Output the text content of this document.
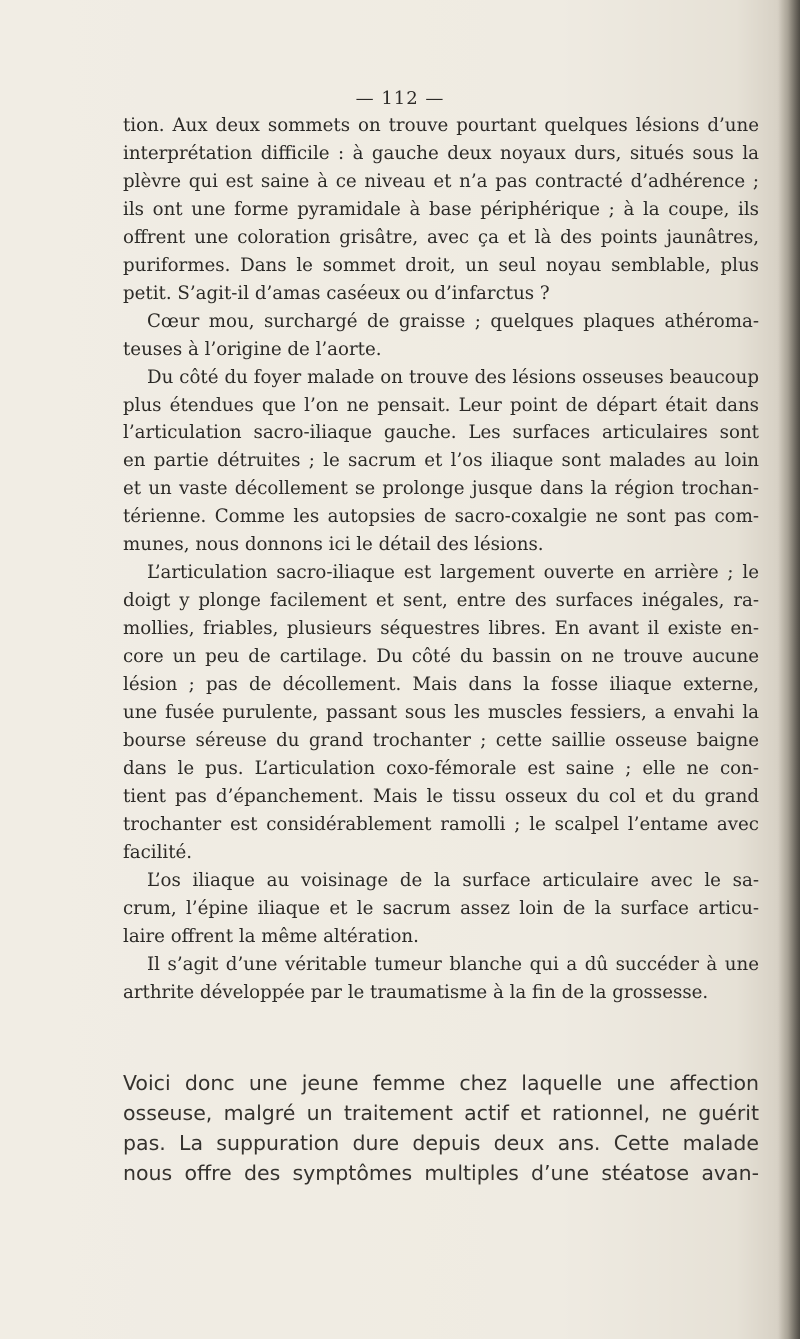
— 112 —
tion. Aux deux sommets on trouve pourtant quelques lésions d’une
interprétation difficile : à gauche deux noyaux durs, situés sous la
plèvre qui est saine à ce niveau et n’a pas contracté d’adhérence ;
ils ont une forme pyramidale à base périphérique ; à la coupe, ils
offrent une coloration grisâtre, avec ça et là des points jaunâtres,
puriformes. Dans le sommet droit, un seul noyau semblable, plus
petit. S’agit-il d’amas caséeux ou d’infarctus ?
Cœur mou, surchargé de graisse ; quelques plaques athéroma-
teuses à l’origine de l’aorte.
Du côté du foyer malade on trouve des lésions osseuses beaucoup
plus étendues que l’on ne pensait. Leur point de départ était dans
l’articulation sacro-iliaque gauche. Les surfaces articulaires sont
en partie détruites ; le sacrum et l’os iliaque sont malades au loin
et un vaste décollement se prolonge jusque dans la région trochan-
térienne. Comme les autopsies de sacro-coxalgie ne sont pas com-
munes, nous donnons ici le détail des lésions.
L’articulation sacro-iliaque est largement ouverte en arrière ; le
doigt y plonge facilement et sent, entre des surfaces inégales, ra-
mollies, friables, plusieurs séquestres libres. En avant il existe en-
core un peu de cartilage. Du côté du bassin on ne trouve aucune
lésion ; pas de décollement. Mais dans la fosse iliaque externe,
une fusée purulente, passant sous les muscles fessiers, a envahi la
bourse séreuse du grand trochanter ; cette saillie osseuse baigne
dans le pus. L’articulation coxo-fémorale est saine ; elle ne con-
tient pas d’épanchement. Mais le tissu osseux du col et du grand
trochanter est considérablement ramolli ; le scalpel l’entame avec
facilité.
L’os iliaque au voisinage de la surface articulaire avec le sa-
crum, l’épine iliaque et le sacrum assez loin de la surface articu-
laire offrent la même altération.
Il s’agit d’une véritable tumeur blanche qui a dû succéder à une
arthrite développée par le traumatisme à la fin de la grossesse.
Voici donc une jeune femme chez laquelle une affection
osseuse, malgré un traitement actif et rationnel, ne guérit
pas. La suppuration dure depuis deux ans. Cette malade
nous offre des symptômes multiples d’une stéatose avan-
